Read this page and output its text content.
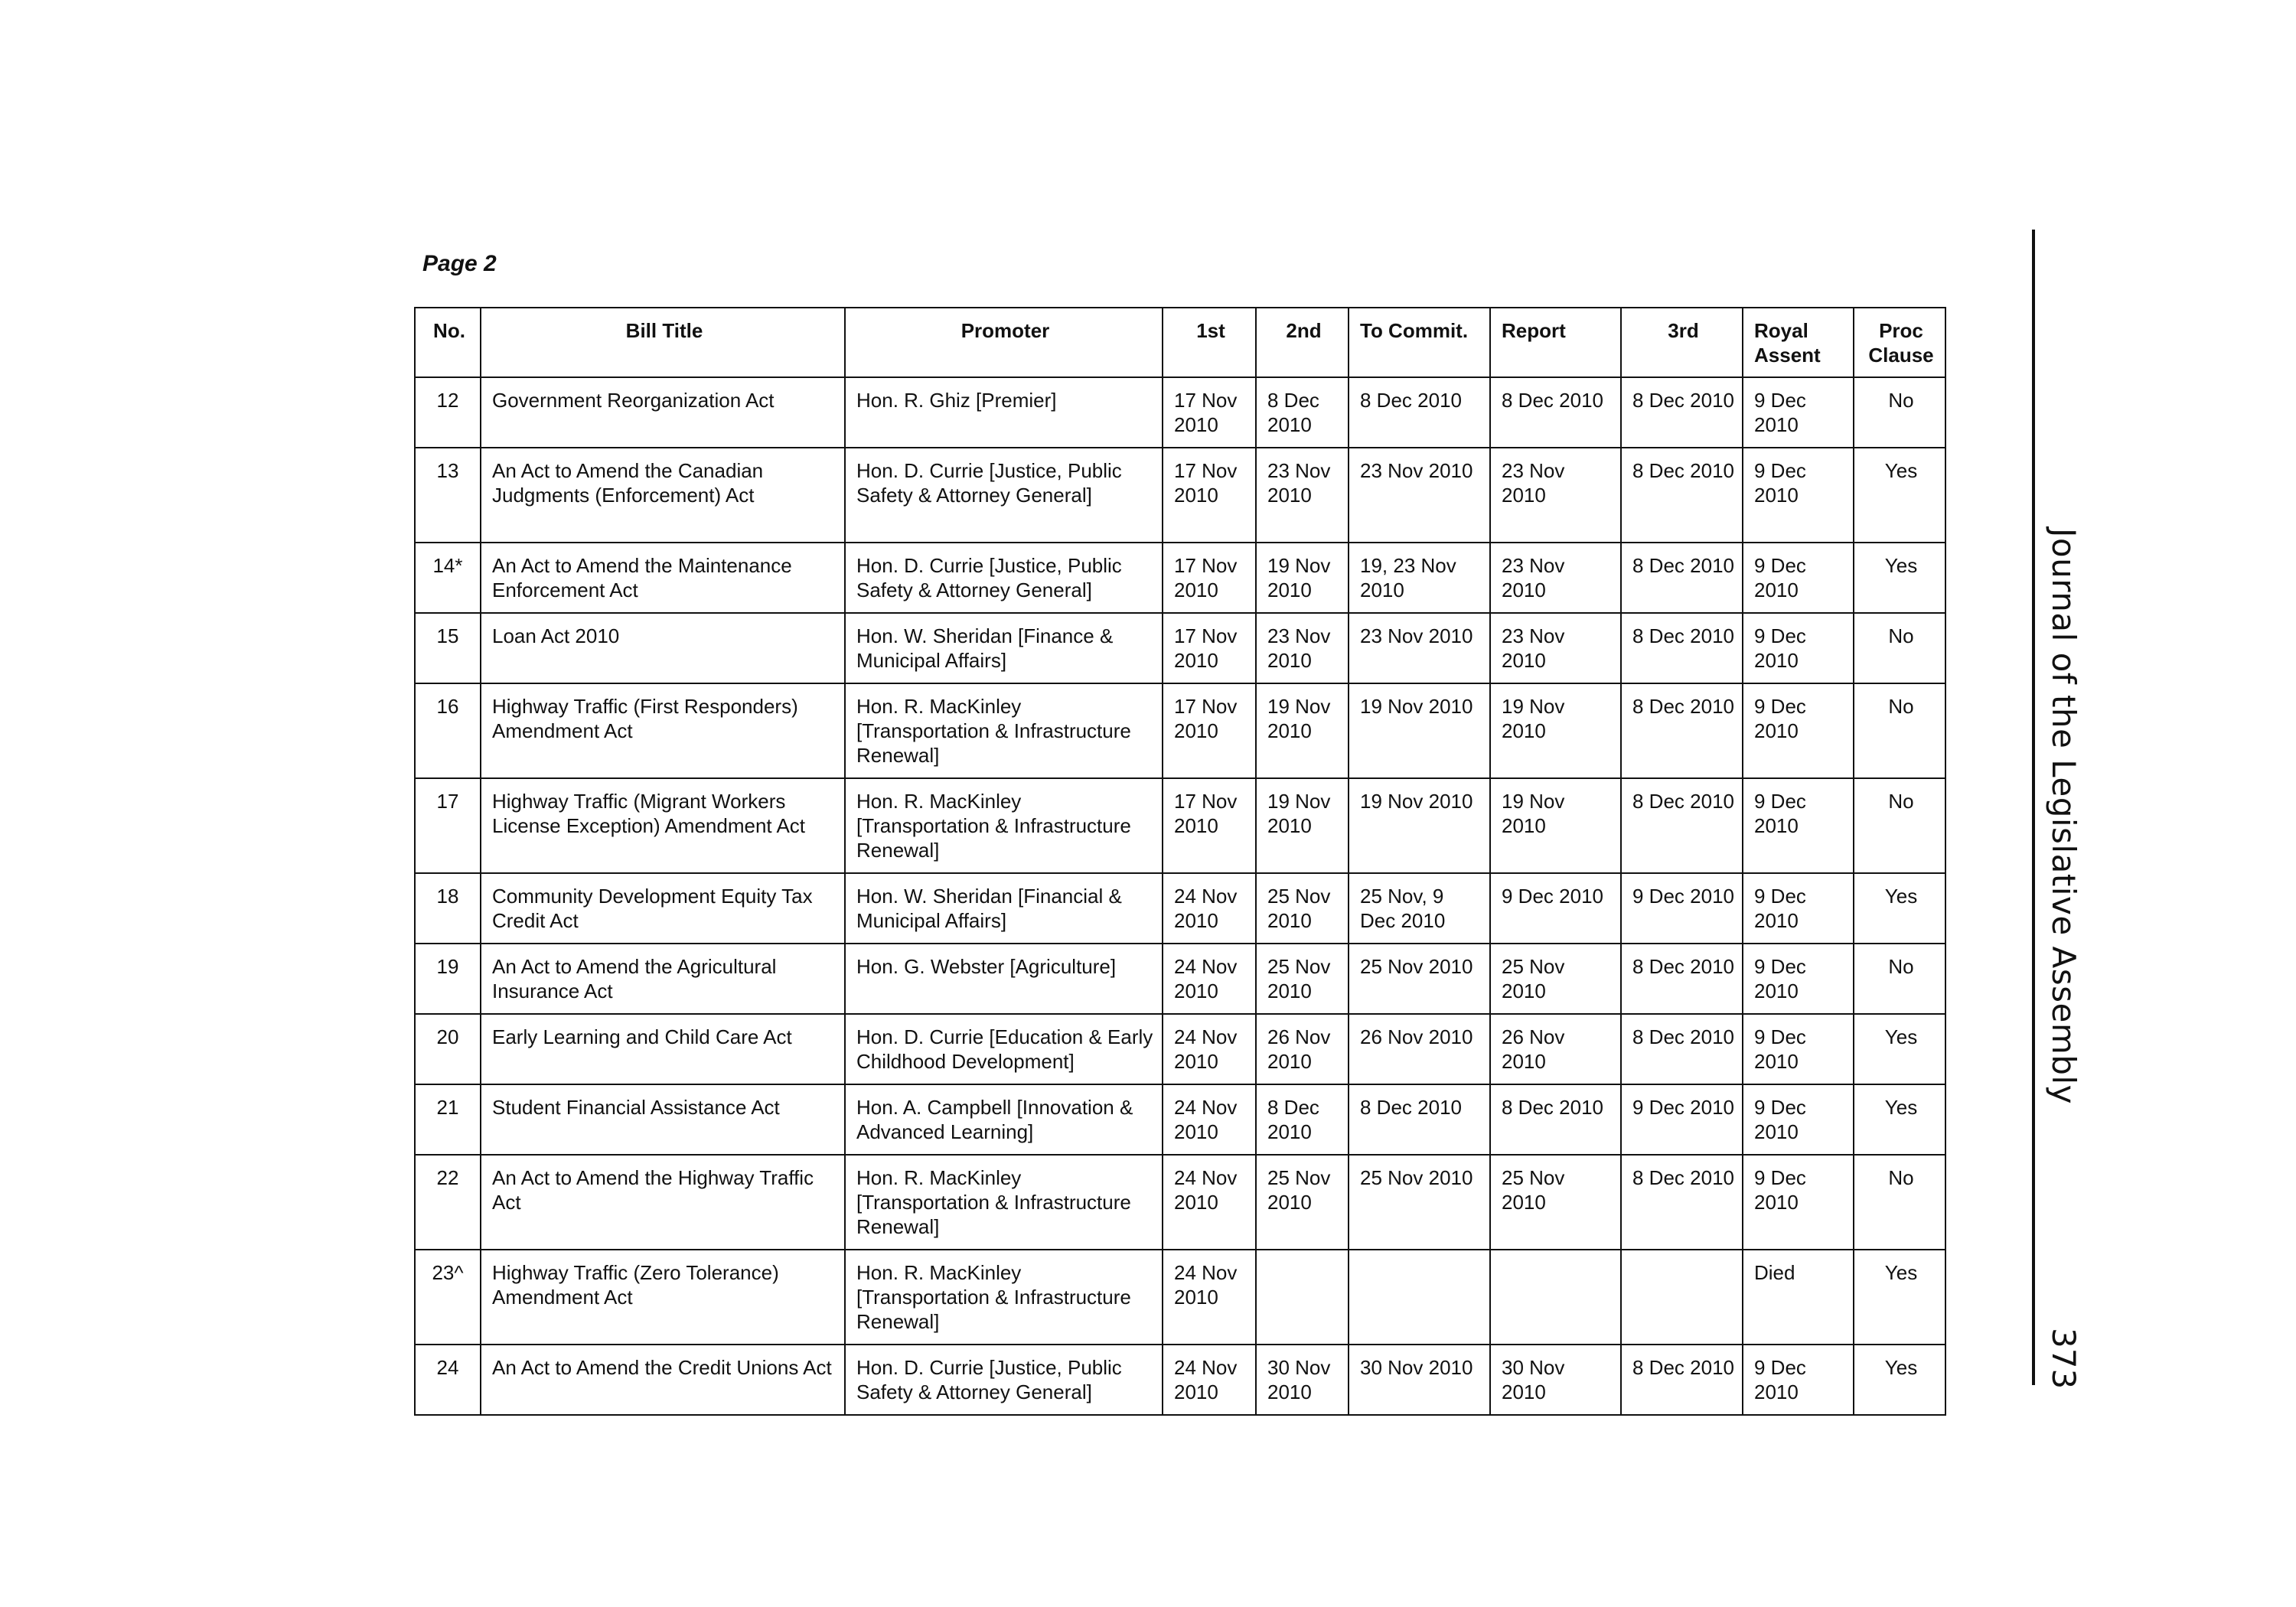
Page 2
No.	Bill Title	Promoter	1st	2nd	To Commit.	Report	3rd	Royal Assent	Proc Clause
12	Government Reorganization Act	Hon. R. Ghiz [Premier]	17 Nov 2010	8 Dec 2010	8 Dec 2010	8 Dec 2010	8 Dec 2010	9 Dec 2010	No
13	An Act to Amend the Canadian Judgments (Enforcement) Act	Hon. D. Currie [Justice, Public Safety & Attorney General]	17 Nov 2010	23 Nov 2010	23 Nov 2010	23 Nov 2010	8 Dec 2010	9 Dec 2010	Yes
14*	An Act to Amend the Maintenance Enforcement Act	Hon. D. Currie [Justice, Public Safety & Attorney General]	17 Nov 2010	19 Nov 2010	19, 23 Nov 2010	23 Nov 2010	8 Dec 2010	9 Dec 2010	Yes
15	Loan Act 2010	Hon. W. Sheridan [Finance & Municipal Affairs]	17 Nov 2010	23 Nov 2010	23 Nov 2010	23 Nov 2010	8 Dec 2010	9 Dec 2010	No
16	Highway Traffic (First Responders) Amendment Act	Hon. R. MacKinley [Transportation & Infrastructure Renewal]	17 Nov 2010	19 Nov 2010	19 Nov 2010	19 Nov 2010	8 Dec 2010	9 Dec 2010	No
17	Highway Traffic (Migrant Workers License Exception) Amendment Act	Hon. R. MacKinley [Transportation & Infrastructure Renewal]	17 Nov 2010	19 Nov 2010	19 Nov 2010	19 Nov 2010	8 Dec 2010	9 Dec 2010	No
18	Community Development Equity Tax Credit Act	Hon. W. Sheridan [Financial & Municipal Affairs]	24 Nov 2010	25 Nov 2010	25 Nov, 9 Dec 2010	9 Dec 2010	9 Dec 2010	9 Dec 2010	Yes
19	An Act to Amend the Agricultural Insurance Act	Hon. G. Webster [Agriculture]	24 Nov 2010	25 Nov 2010	25 Nov 2010	25 Nov 2010	8 Dec 2010	9 Dec 2010	No
20	Early Learning and Child Care Act	Hon. D. Currie [Education & Early Childhood Development]	24 Nov 2010	26 Nov 2010	26 Nov 2010	26 Nov 2010	8 Dec 2010	9 Dec 2010	Yes
21	Student Financial Assistance Act	Hon. A. Campbell [Innovation & Advanced Learning]	24 Nov 2010	8 Dec 2010	8 Dec 2010	8 Dec 2010	9 Dec 2010	9 Dec 2010	Yes
22	An Act to Amend the Highway Traffic Act	Hon. R. MacKinley [Transportation & Infrastructure Renewal]	24 Nov 2010	25 Nov 2010	25 Nov 2010	25 Nov 2010	8 Dec 2010	9 Dec 2010	No
23^	Highway Traffic (Zero Tolerance) Amendment Act	Hon. R. MacKinley [Transportation & Infrastructure Renewal]	24 Nov 2010					Died	Yes
24	An Act to Amend the Credit Unions Act	Hon. D. Currie [Justice, Public Safety & Attorney General]	24 Nov 2010	30 Nov 2010	30 Nov 2010	30 Nov 2010	8 Dec 2010	9 Dec 2010	Yes
Journal of the Legislative Assembly
373
